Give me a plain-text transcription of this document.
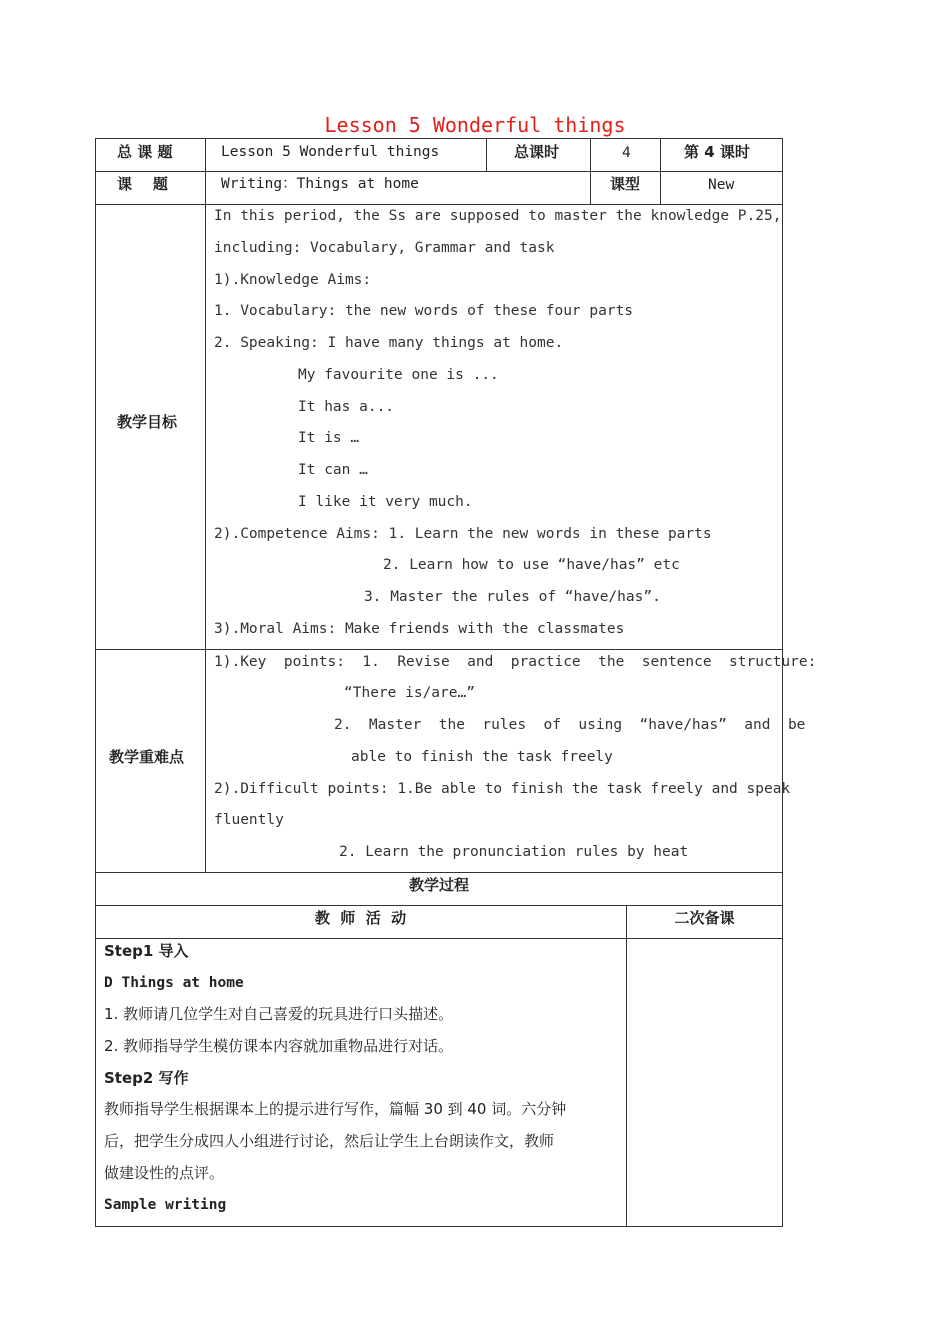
Lesson 5 Wonderful things
总 课 题	Lesson 5 Wonderful things	总课时	4	第 4 课时
课    题	Writing：Things at home	课型	New
教学目标
In this period, the Ss are supposed to master the knowledge P.25,
including: Vocabulary, Grammar and task
1).Knowledge Aims:
1. Vocabulary: the new words of these four parts
2. Speaking: I have many things at home.
My favourite one is ...
It has a...
It is …
It can …
I like it very much.
2).Competence Aims: 1. Learn the new words in these parts
2. Learn how to use “have/has” etc
3. Master the rules of “have/has”.
3).Moral Aims: Make friends with the classmates
教学重难点
1).Key  points:  1.  Revise  and  practice  the  sentence  structure:
“There is/are…”
2.  Master  the  rules  of  using  “have/has”  and  be
able to finish the task freely
2).Difficult points: 1.Be able to finish the task freely and speak
fluently
2. Learn the pronunciation rules by heat
教学过程
教  师  活  动	二次备课
Step1 导入
D Things at home
1. 教师请几位学生对自己喜爱的玩具进行口头描述。
2. 教师指导学生模仿课本内容就加重物品进行对话。
Step2 写作
教师指导学生根据课本上的提示进行写作，篇幅 30 到 40 词。六分钟
后，把学生分成四人小组进行讨论，然后让学生上台朗读作文，教师
做建设性的点评。
Sample writing
